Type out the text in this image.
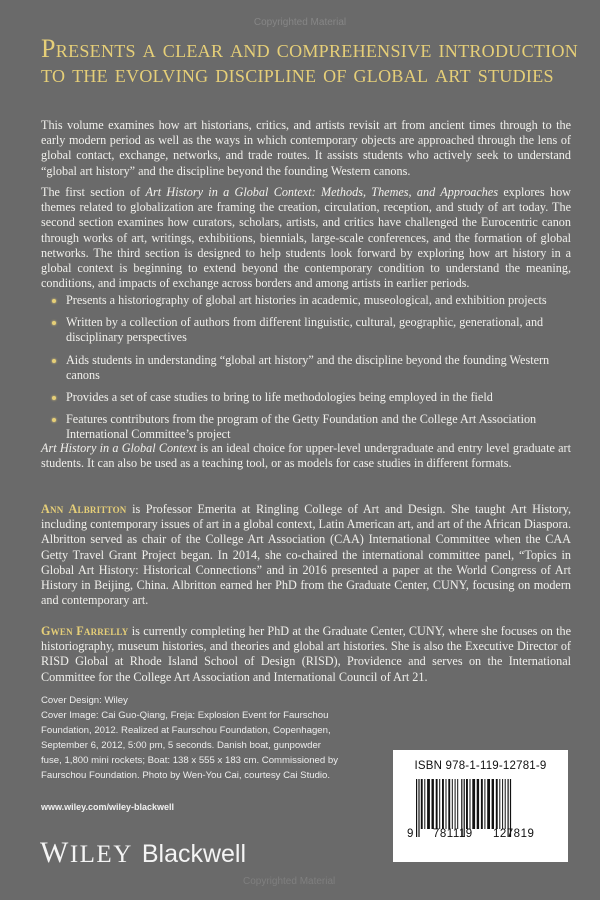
Copyrighted Material
Presents a clear and comprehensive introduction to the evolving discipline of global art studies

This volume examines how art historians, critics, and artists revisit art from ancient times through to the early modern period as well as the ways in which contemporary objects are approached through the lens of global contact, exchange, networks, and trade routes. It assists students who actively seek to understand “global art history” and the discipline beyond the founding Western canons.

The first section of Art History in a Global Context: Methods, Themes, and Approaches explores how themes related to globalization are framing the creation, circulation, reception, and study of art today. The second section examines how curators, scholars, artists, and critics have challenged the Eurocentric canon through works of art, writings, exhibitions, biennials, large-scale conferences, and the formation of global networks. The third section is designed to help students look forward by exploring how art history in a global context is beginning to extend beyond the contemporary condition to understand the meaning, conditions, and impacts of exchange across borders and among artists in earlier periods.

Presents a historiography of global art histories in academic, museological, and exhibition projects
Written by a collection of authors from different linguistic, cultural, geographic, generational, and disciplinary perspectives
Aids students in understanding “global art history” and the discipline beyond the founding Western canons
Provides a set of case studies to bring to life methodologies being employed in the field
Features contributors from the program of the Getty Foundation and the College Art Association International Committee’s project

Art History in a Global Context is an ideal choice for upper-level undergraduate and entry level graduate art students. It can also be used as a teaching tool, or as models for case studies in different formats.

Ann Albritton is Professor Emerita at Ringling College of Art and Design. She taught Art History, including contemporary issues of art in a global context, Latin American art, and art of the African Diaspora. Albritton served as chair of the College Art Association (CAA) International Committee when the CAA Getty Travel Grant Project began. In 2014, she co-chaired the international committee panel, “Topics in Global Art History: Historical Connections” and in 2016 presented a paper at the World Congress of Art History in Beijing, China. Albritton earned her PhD from the Graduate Center, CUNY, focusing on modern and contemporary art.

Gwen Farrelly is currently completing her PhD at the Graduate Center, CUNY, where she focuses on the historiography, museum histories, and theories and global art histories. She is also the Executive Director of RISD Global at Rhode Island School of Design (RISD), Providence and serves on the International Committee for the College Art Association and International Council of Art 21.

Cover Design: Wiley
Cover Image: Cai Guo-Qiang, Freja: Explosion Event for Faurschou Foundation, 2012. Realized at Faurschou Foundation, Copenhagen, September 6, 2012, 5:00 pm, 5 seconds. Danish boat, gunpowder fuse, 1,800 mini rockets; Boat: 138 x 555 x 183 cm. Commissioned by Faurschou Foundation. Photo by Wen-You Cai, courtesy Cai Studio.
www.wiley.com/wiley-blackwell
WILEY Blackwell
Copyrighted Material
ISBN 978-1-119-12781-9
9 781119 127819
